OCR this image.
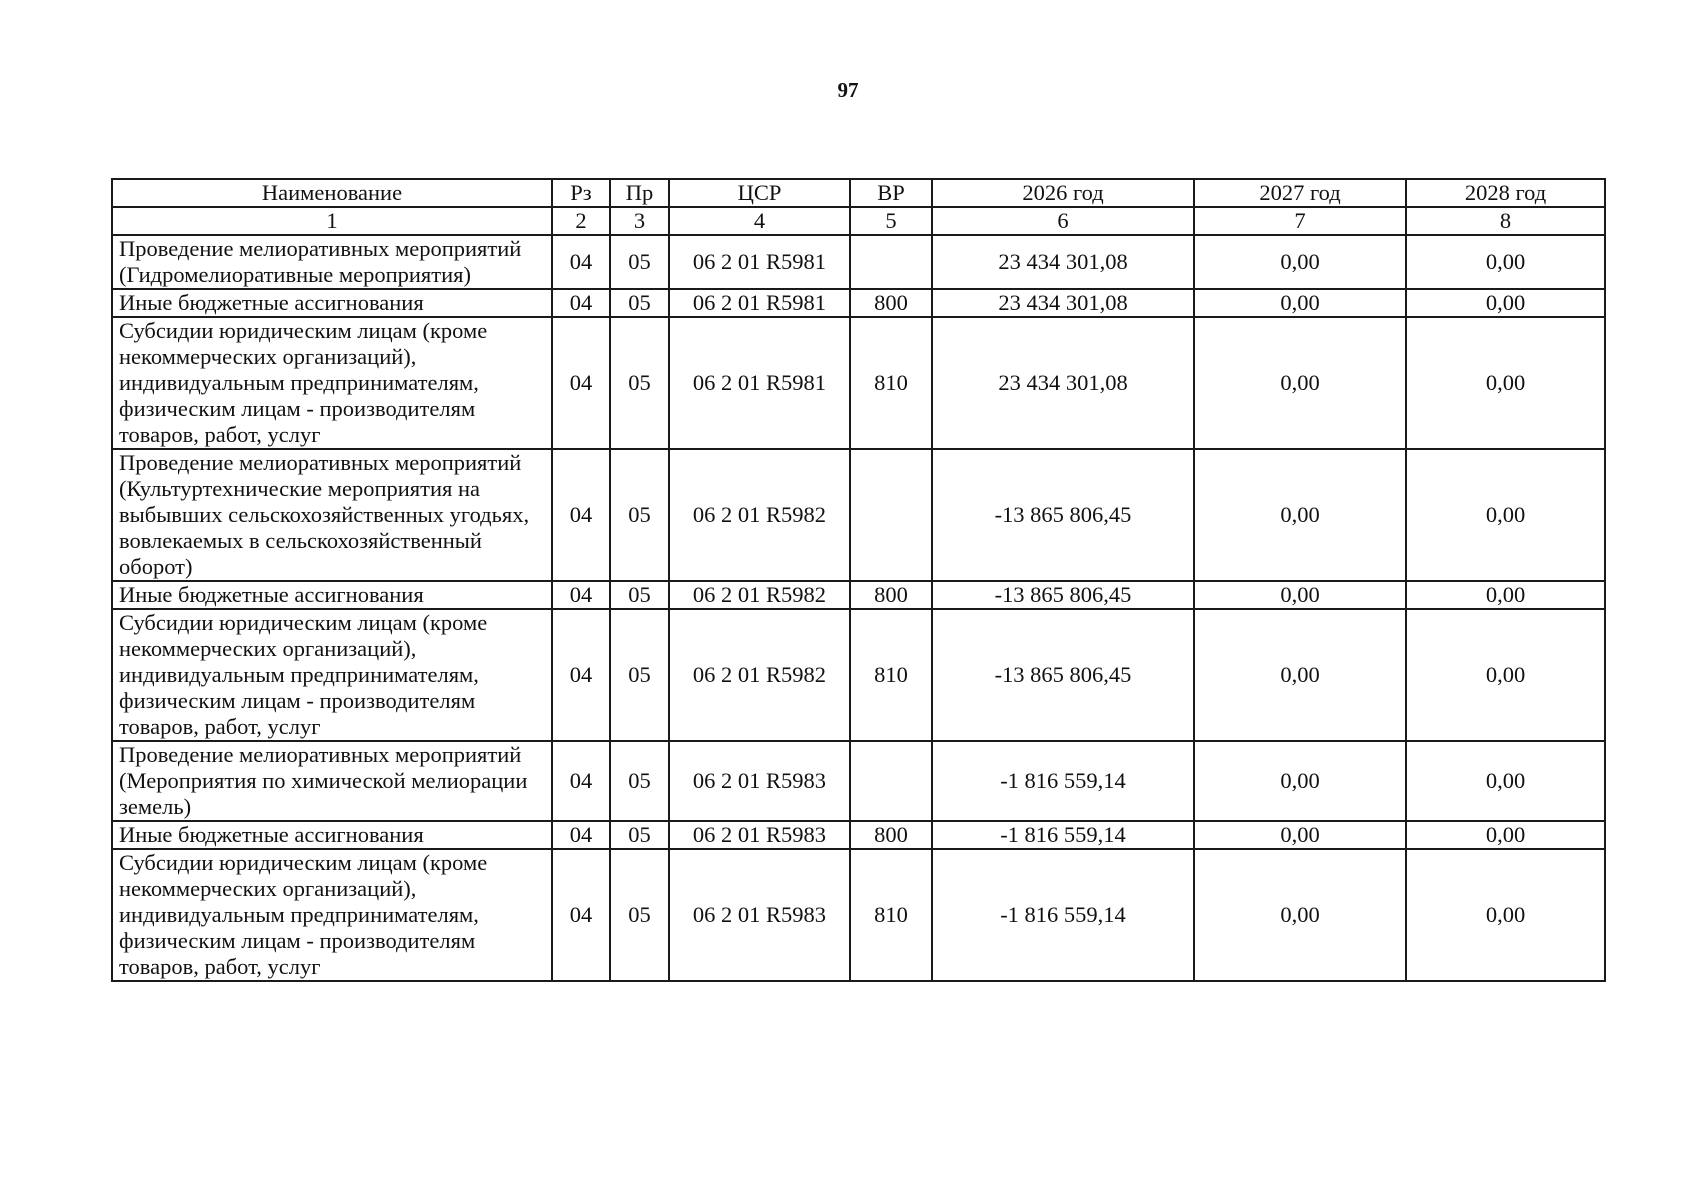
97
Наименование	Рз	Пр	ЦСР	ВР	2026 год	2027 год	2028 год
1	2	3	4	5	6	7	8
Проведение мелиоративных мероприятий (Гидромелиоративные мероприятия)	04	05	06 2 01 R5981		23 434 301,08	0,00	0,00
Иные бюджетные ассигнования	04	05	06 2 01 R5981	800	23 434 301,08	0,00	0,00
Субсидии юридическим лицам (кроме некоммерческих организаций), индивидуальным предпринимателям, физическим лицам - производителям товаров, работ, услуг	04	05	06 2 01 R5981	810	23 434 301,08	0,00	0,00
Проведение мелиоративных мероприятий (Культуртехнические мероприятия на выбывших сельскохозяйственных угодьях, вовлекаемых в сельскохозяйственный оборот)	04	05	06 2 01 R5982		-13 865 806,45	0,00	0,00
Иные бюджетные ассигнования	04	05	06 2 01 R5982	800	-13 865 806,45	0,00	0,00
Субсидии юридическим лицам (кроме некоммерческих организаций), индивидуальным предпринимателям, физическим лицам - производителям товаров, работ, услуг	04	05	06 2 01 R5982	810	-13 865 806,45	0,00	0,00
Проведение мелиоративных мероприятий (Мероприятия по химической мелиорации земель)	04	05	06 2 01 R5983		-1 816 559,14	0,00	0,00
Иные бюджетные ассигнования	04	05	06 2 01 R5983	800	-1 816 559,14	0,00	0,00
Субсидии юридическим лицам (кроме некоммерческих организаций), индивидуальным предпринимателям, физическим лицам - производителям товаров, работ, услуг	04	05	06 2 01 R5983	810	-1 816 559,14	0,00	0,00
